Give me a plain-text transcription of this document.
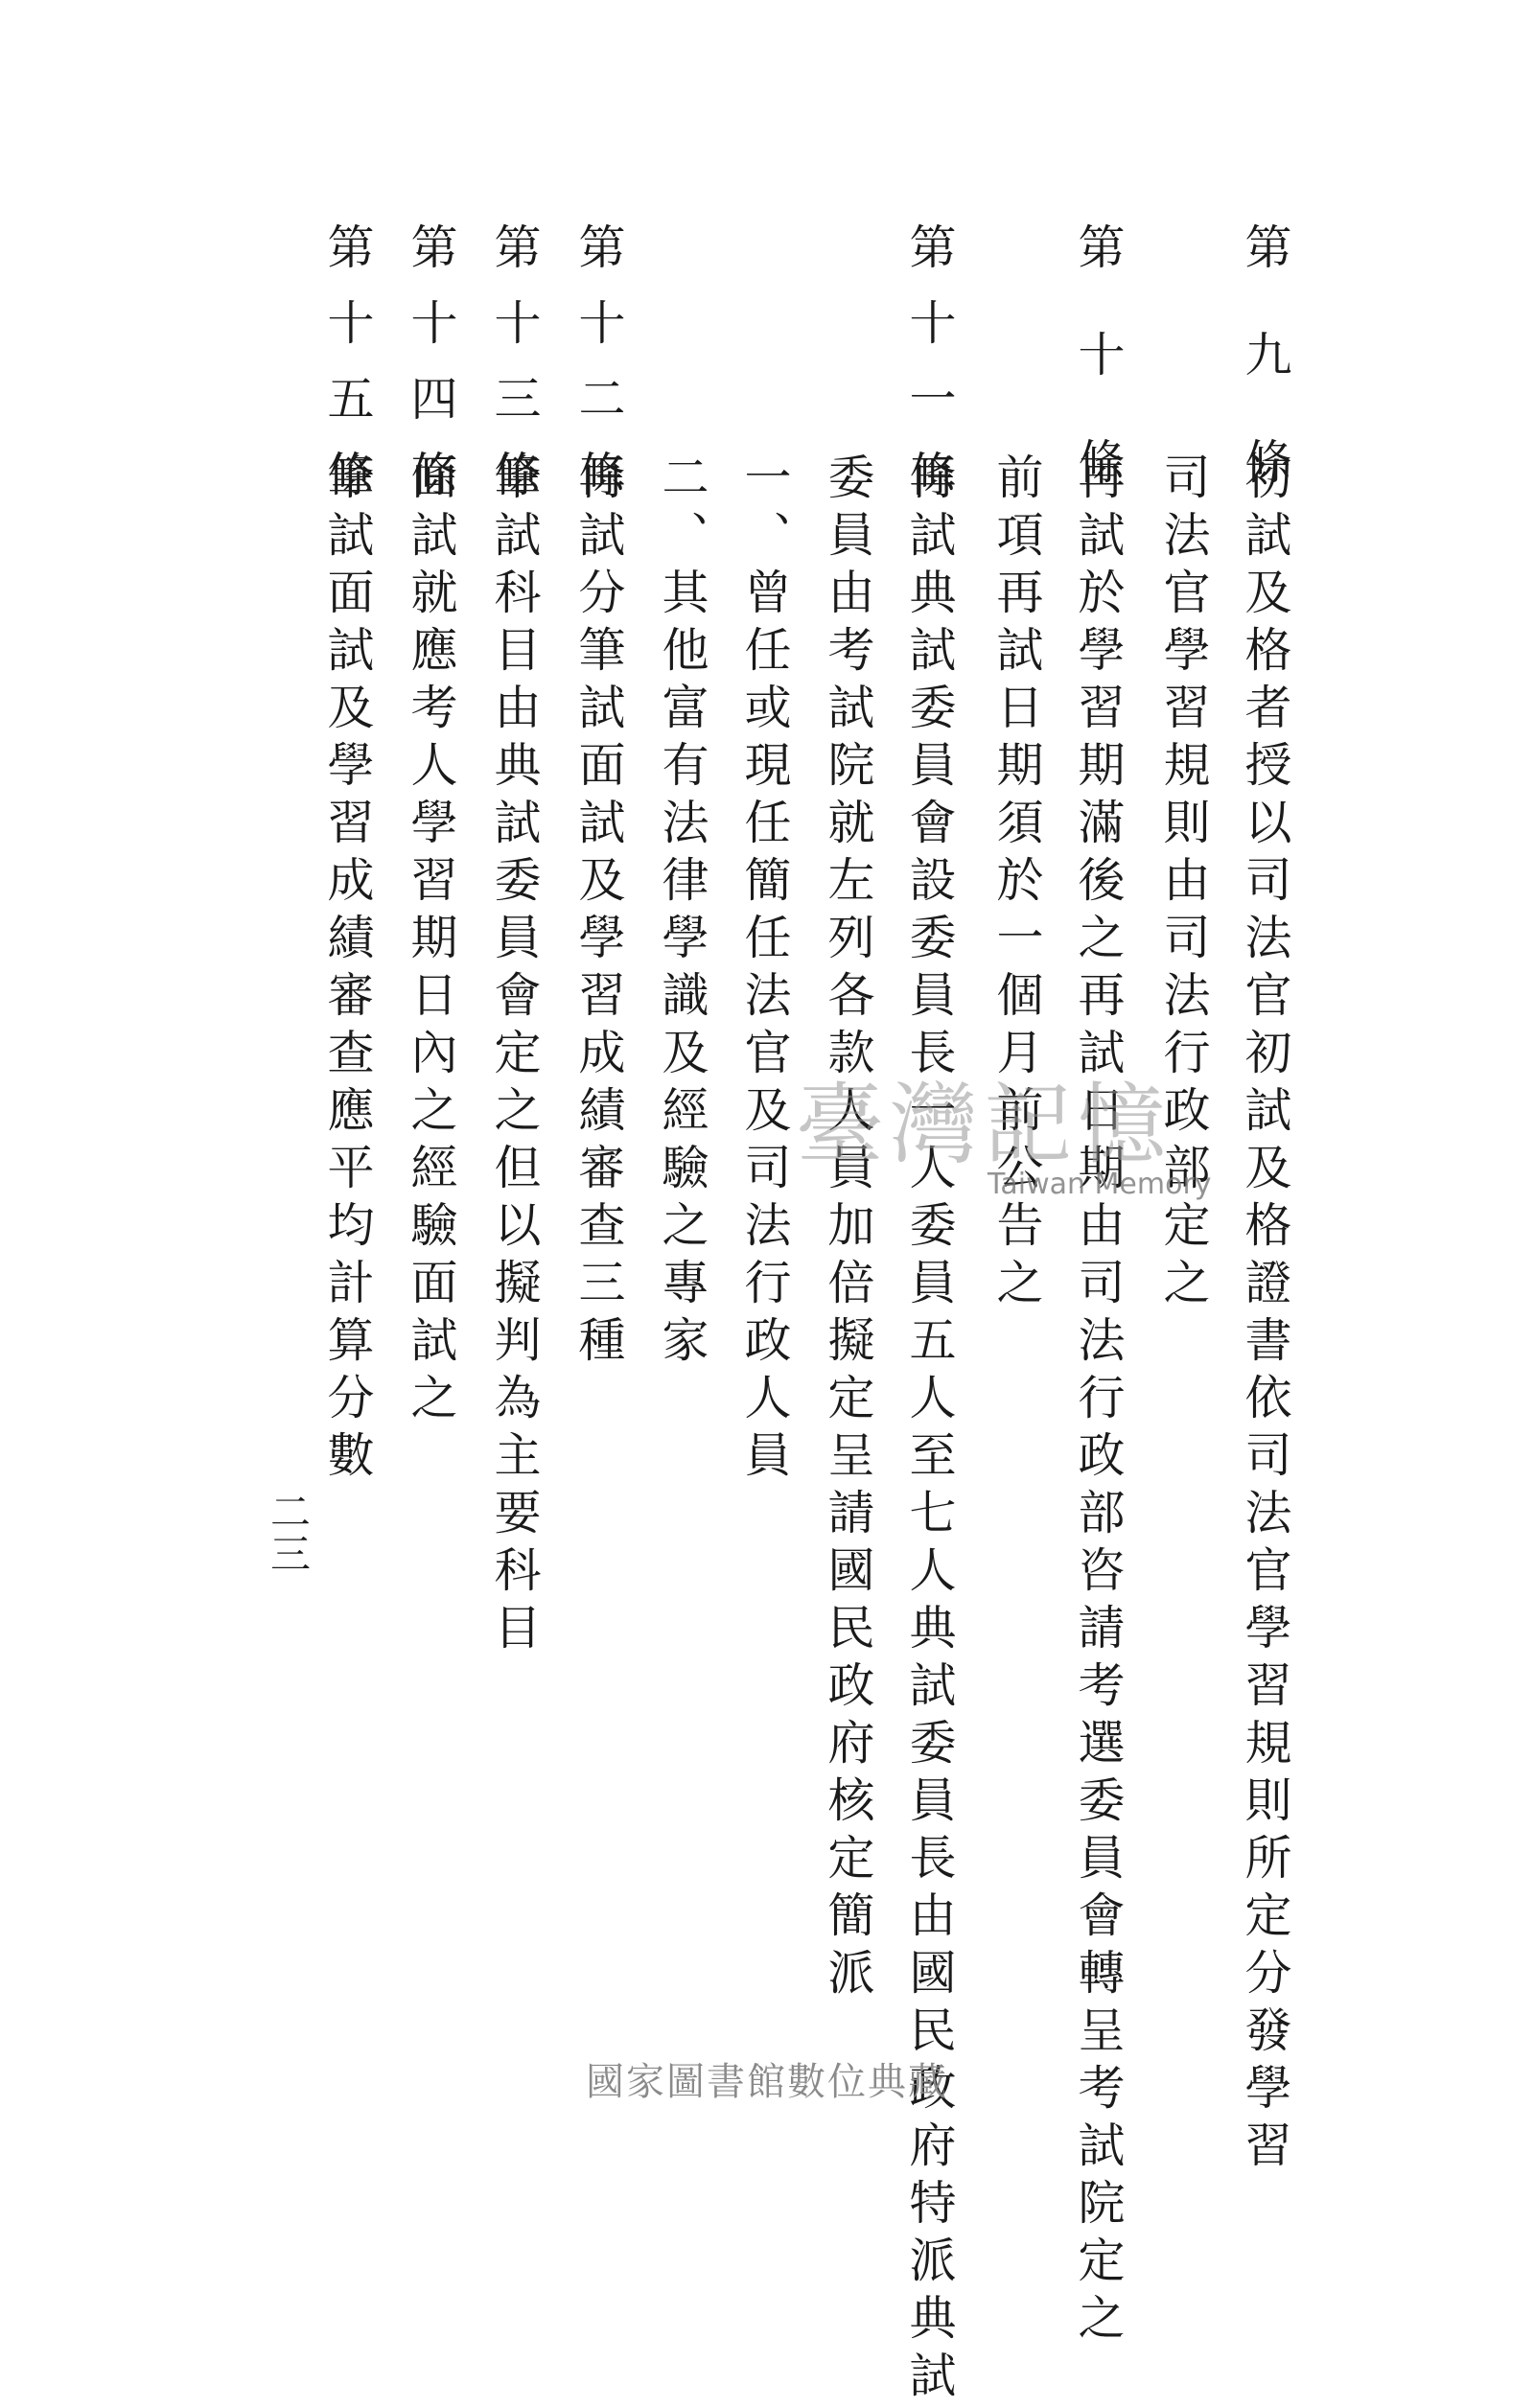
第九條
初試及格者授以司法官初試及格證書依司法官學習規則所定分發學習
司法官學習規則由司法行政部定之
第十條
再試於學習期滿後之再試日期由司法行政部咨請考選委員會轉呈考試院定之
前項再試日期須於一個月前公告之
第十一條
再試典試委員會設委員長一人委員五人至七人典試委員長由國民政府特派典試
委員由考試院就左列各款人員加倍擬定呈請國民政府核定簡派
一、曾任或現任簡任法官及司法行政人員
二、其他富有法律學識及經驗之專家
第十二條
再試分筆試面試及學習成績審查三種
第十三條
筆試科目由典試委員會定之但以擬判為主要科目
第十四條
面試就應考人學習期日內之經驗面試之
第十五條
筆試面試及學習成績審查應平均計算分數
二三
臺灣記憶
Taiwan Memory
國家圖書館數位典藏
